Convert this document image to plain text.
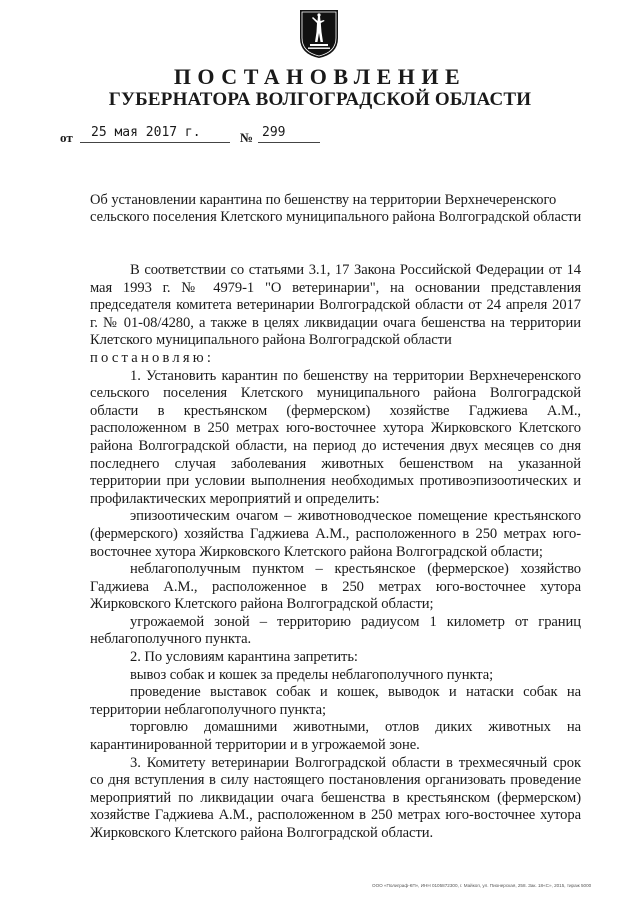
ПОСТАНОВЛЕНИЕ
ГУБЕРНАТОРА ВОЛГОГРАДСКОЙ ОБЛАСТИ
от 25 мая 2017 г.	№ 299
Об установлении карантина по бешенству на территории Верхнечеренского сельского поселения Клетского муниципального района Волгоградской области

В соответствии со статьями 3.1, 17 Закона Российской Федерации от 14 мая 1993 г. № 4979-1 "О ветеринарии", на основании представления председателя комитета ветеринарии Волгоградской области от 24 апреля 2017 г. № 01-08/4280, а также в целях ликвидации очага бешенства на территории Клетского муниципального района Волгоградской области

постановляю:

1. Установить карантин по бешенству на территории Верхнечеренского сельского поселения Клетского муниципального района Волгоградской области в крестьянском (фермерском) хозяйстве Гаджиева А.М., расположенном в 250 метрах юго-восточнее хутора Жирковского Клетского района Волгоградской области, на период до истечения двух месяцев со дня последнего случая заболевания животных бешенством на указанной территории при условии выполнения необходимых противоэпизоотических и профилактических мероприятий и определить:

эпизоотическим очагом – животноводческое помещение крестьянского (фермерского) хозяйства Гаджиева А.М., расположенного в 250 метрах юго-восточнее хутора Жирковского Клетского района Волгоградской области;

неблагополучным пунктом – крестьянское (фермерское) хозяйство Гаджиева А.М., расположенное в 250 метрах юго-восточнее хутора Жирковского Клетского района Волгоградской области;

угрожаемой зоной – территорию радиусом 1 километр от границ неблагополучного пункта.

2. По условиям карантина запретить:

вывоз собак и кошек за пределы неблагополучного пункта;

проведение выставок собак и кошек, выводок и натаски собак на территории неблагополучного пункта;

торговлю домашними животными, отлов диких животных на карантинированной территории и в угрожаемой зоне.

3. Комитету ветеринарии Волгоградской области в трехмесячный срок со дня вступления в силу настоящего постановления организовать проведение мероприятий по ликвидации очага бешенства в крестьянском (фермерском) хозяйстве Гаджиева А.М., расположенном в 250 метрах юго-восточнее хутора Жирковского Клетского района Волгоградской области.

ООО «Полиграф-КП», ИНН 0105872300, г. Майкоп, ул. Пионерская, 258. Зак. 18«С», 2015, тираж 5000
